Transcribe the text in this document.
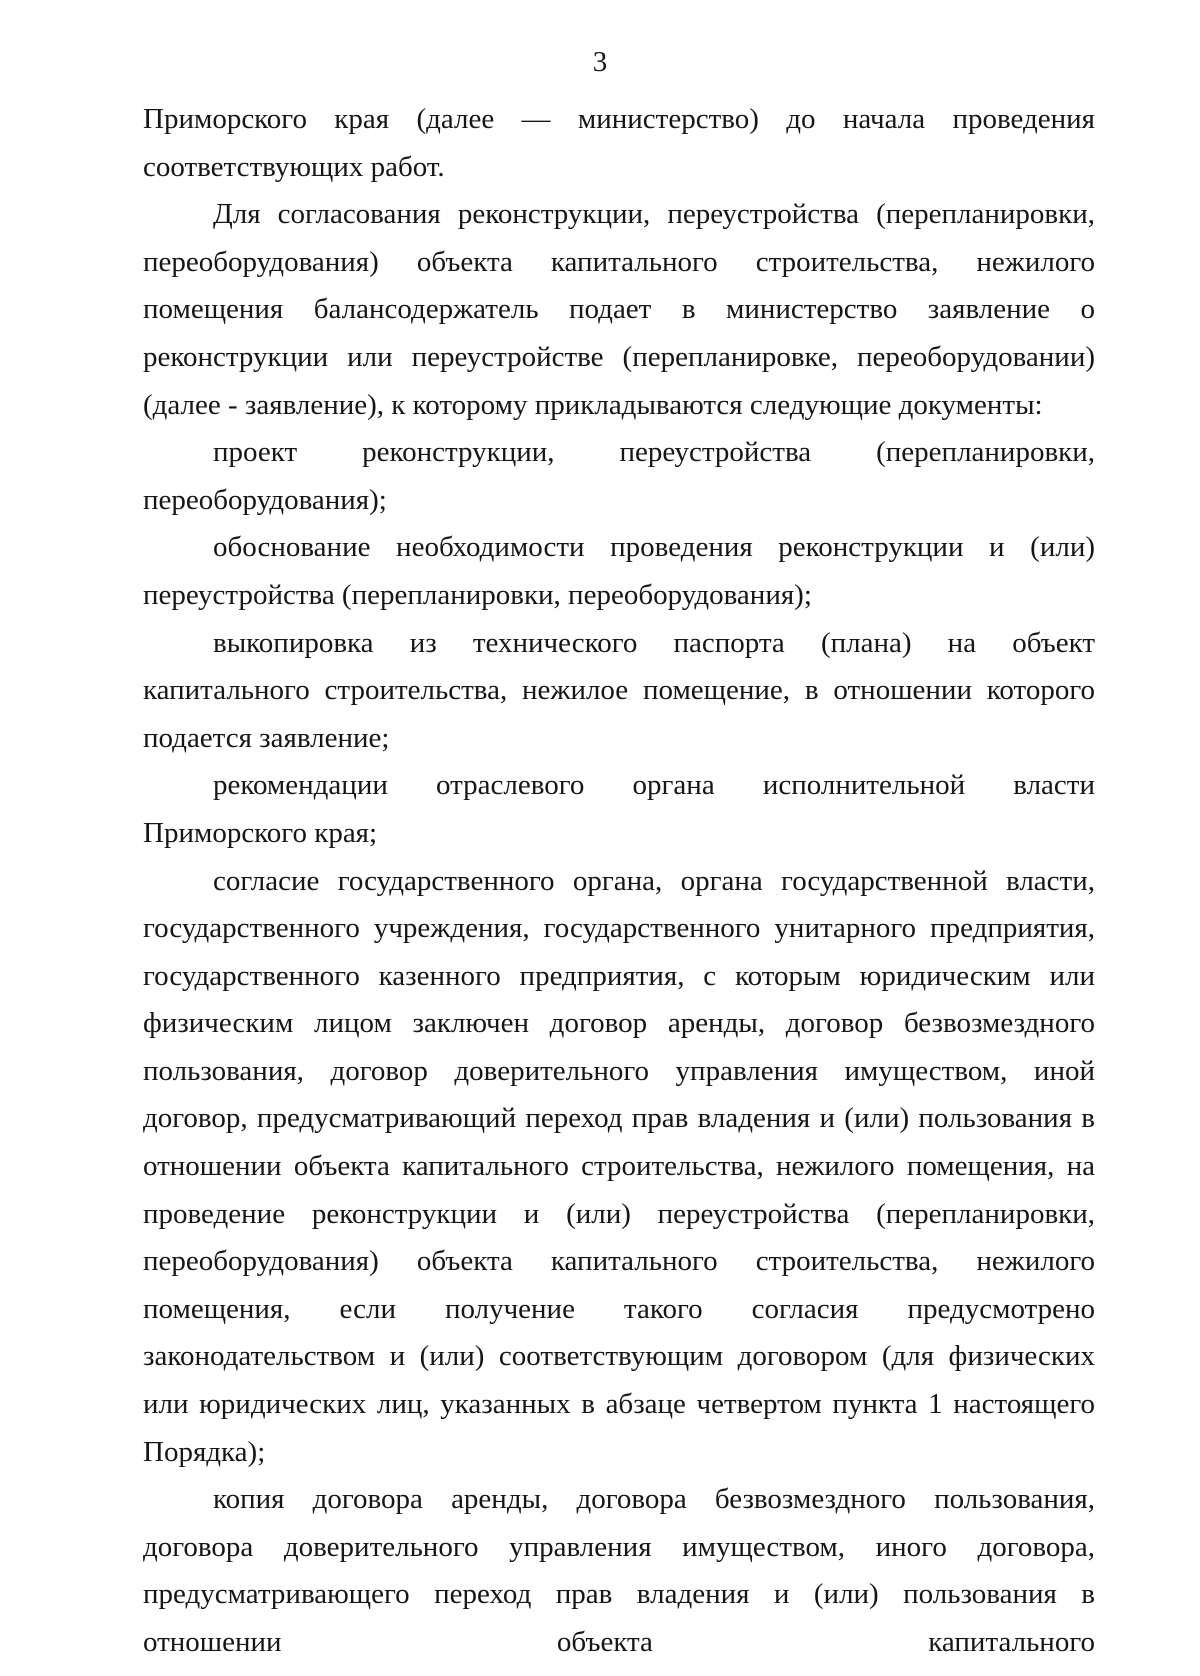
3

Приморского края (далее — министерство) до начала проведения соответствующих работ.

Для согласования реконструкции, переустройства (перепланировки, переоборудования) объекта капитального строительства, нежилого помещения балансодержатель подает в министерство заявление о реконструкции или переустройстве (перепланировке, переоборудовании) (далее - заявление), к которому прикладываются следующие документы:

проект реконструкции, переустройства (перепланировки, переоборудования);

обоснование необходимости проведения реконструкции и (или) переустройства (перепланировки, переоборудования);

выкопировка из технического паспорта (плана) на объект капитального строительства, нежилое помещение, в отношении которого подается заявление;

рекомендации отраслевого органа исполнительной власти Приморского края;

согласие государственного органа, органа государственной власти, государственного учреждения, государственного унитарного предприятия, государственного казенного предприятия, с которым юридическим или физическим лицом заключен договор аренды, договор безвозмездного пользования, договор доверительного управления имуществом, иной договор, предусматривающий переход прав владения и (или) пользования в отношении объекта капитального строительства, нежилого помещения, на проведение реконструкции и (или) переустройства (перепланировки, переоборудования) объекта капитального строительства, нежилого помещения, если получение такого согласия предусмотрено законодательством и (или) соответствующим договором (для физических или юридических лиц, указанных в абзаце четвертом пункта 1 настоящего Порядка);

копия договора аренды, договора безвозмездного пользования, договора доверительного управления имуществом, иного договора, предусматривающего переход прав владения и (или) пользования в отношении объекта капитального
